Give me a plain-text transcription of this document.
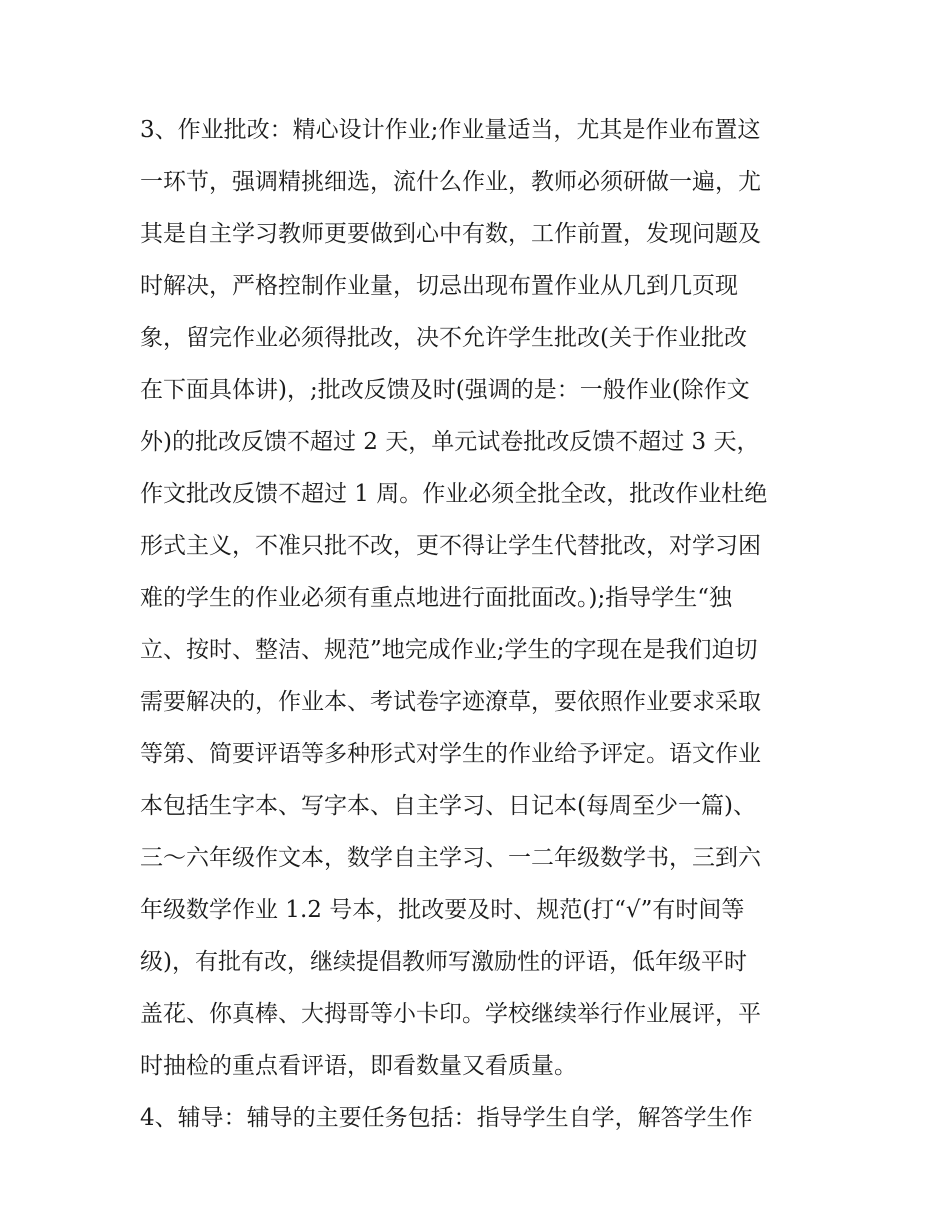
3、作业批改：精心设计作业;作业量适当，尤其是作业布置这
一环节，强调精挑细选，流什么作业，教师必须研做一遍，尤
其是自主学习教师更要做到心中有数，工作前置，发现问题及
时解决，严格控制作业量，切忌出现布置作业从几到几页现
象，留完作业必须得批改，决不允许学生批改(关于作业批改
在下面具体讲)，;批改反馈及时(强调的是：一般作业(除作文
外)的批改反馈不超过 2 天，单元试卷批改反馈不超过 3 天，
作文批改反馈不超过 1 周。作业必须全批全改，批改作业杜绝
形式主义，不准只批不改，更不得让学生代替批改，对学习困
难的学生的作业必须有重点地进行面批面改。);指导学生“独
立、按时、整洁、规范”地完成作业;学生的字现在是我们迫切
需要解决的，作业本、考试卷字迹潦草，要依照作业要求采取
等第、简要评语等多种形式对学生的作业给予评定。语文作业
本包括生字本、写字本、自主学习、日记本(每周至少一篇)、
三～六年级作文本，数学自主学习、一二年级数学书，三到六
年级数学作业 1.2 号本，批改要及时、规范(打“√”有时间等
级)，有批有改，继续提倡教师写激励性的评语，低年级平时
盖花、你真棒、大拇哥等小卡印。学校继续举行作业展评，平
时抽检的重点看评语，即看数量又看质量。
4、辅导：辅导的主要任务包括：指导学生自学，解答学生作
